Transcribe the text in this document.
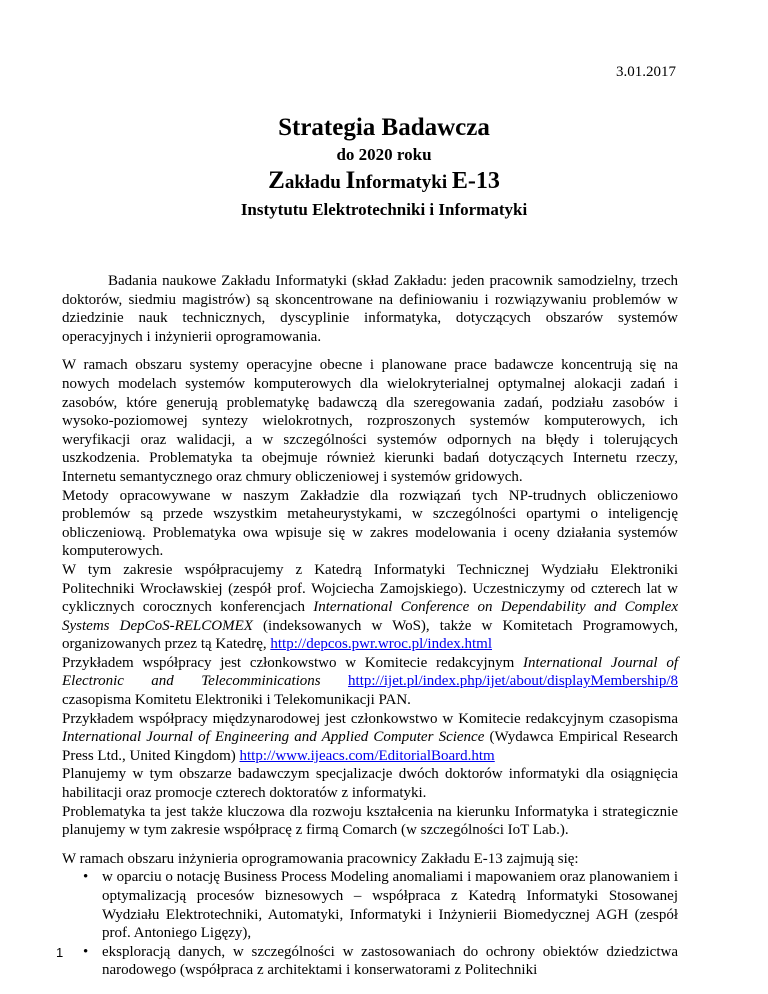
3.01.2017

Strategia Badawcza

do 2020 roku

Zakładu Informatyki E-13

Instytutu Elektrotechniki i Informatyki

Badania naukowe Zakładu Informatyki (skład Zakładu: jeden pracownik samodzielny, trzech doktorów, siedmiu magistrów) są skoncentrowane na definiowaniu i rozwiązywaniu problemów w dziedzinie nauk technicznych, dyscyplinie informatyka, dotyczących obszarów systemów operacyjnych i inżynierii oprogramowania.

W ramach obszaru systemy operacyjne obecne i planowane prace badawcze koncentrują się na nowych modelach systemów komputerowych dla wielokryterialnej optymalnej alokacji zadań i zasobów, które generują problematykę badawczą dla szeregowania zadań, podziału zasobów i wysoko-poziomowej syntezy wielokrotnych, rozproszonych systemów komputerowych, ich weryfikacji oraz walidacji, a w szczególności systemów odpornych na błędy i tolerujących uszkodzenia. Problematyka ta obejmuje również kierunki badań dotyczących Internetu rzeczy, Internetu semantycznego oraz chmury obliczeniowej i systemów gridowych.

Metody opracowywane w naszym Zakładzie dla rozwiązań tych NP-trudnych obliczeniowo problemów są przede wszystkim metaheurystykami, w szczególności opartymi o inteligencję obliczeniową. Problematyka owa wpisuje się w zakres modelowania i oceny działania systemów komputerowych.

W tym zakresie współpracujemy z Katedrą Informatyki Technicznej Wydziału Elektroniki Politechniki Wrocławskiej (zespół prof. Wojciecha Zamojskiego). Uczestniczymy od czterech lat w cyklicznych corocznych konferencjach International Conference on Dependability and Complex Systems DepCoS-RELCOMEX (indeksowanych w WoS), także w Komitetach Programowych, organizowanych przez tą Katedrę, http://depcos.pwr.wroc.pl/index.html

Przykładem współpracy jest członkowstwo w Komitecie redakcyjnym International Journal of Electronic and Telecomminications http://ijet.pl/index.php/ijet/about/displayMembership/8 czasopisma Komitetu Elektroniki i Telekomunikacji PAN.

Przykładem współpracy międzynarodowej jest członkowstwo w Komitecie redakcyjnym czasopisma International Journal of Engineering and Applied Computer Science (Wydawca Empirical Research Press Ltd., United Kingdom) http://www.ijeacs.com/EditorialBoard.htm

Planujemy w tym obszarze badawczym specjalizacje dwóch doktorów informatyki dla osiągnięcia habilitacji oraz promocje czterech doktoratów z informatyki.

Problematyka ta jest także kluczowa dla rozwoju kształcenia na kierunku Informatyka i strategicznie planujemy w tym zakresie współpracę z firmą Comarch (w szczególności IoT Lab.).

W ramach obszaru inżynieria oprogramowania pracownicy Zakładu E-13 zajmują się:

• w oparciu o notację Business Process Modeling anomaliami i mapowaniem oraz planowaniem i optymalizacją procesów biznesowych – współpraca z Katedrą Informatyki Stosowanej Wydziału Elektrotechniki, Automatyki, Informatyki i Inżynierii Biomedycznej AGH (zespół prof. Antoniego Ligęzy),
• eksploracją danych, w szczególności w zastosowaniach do ochrony obiektów dziedzictwa narodowego (współpraca z architektami i konserwatorami z Politechniki
1
